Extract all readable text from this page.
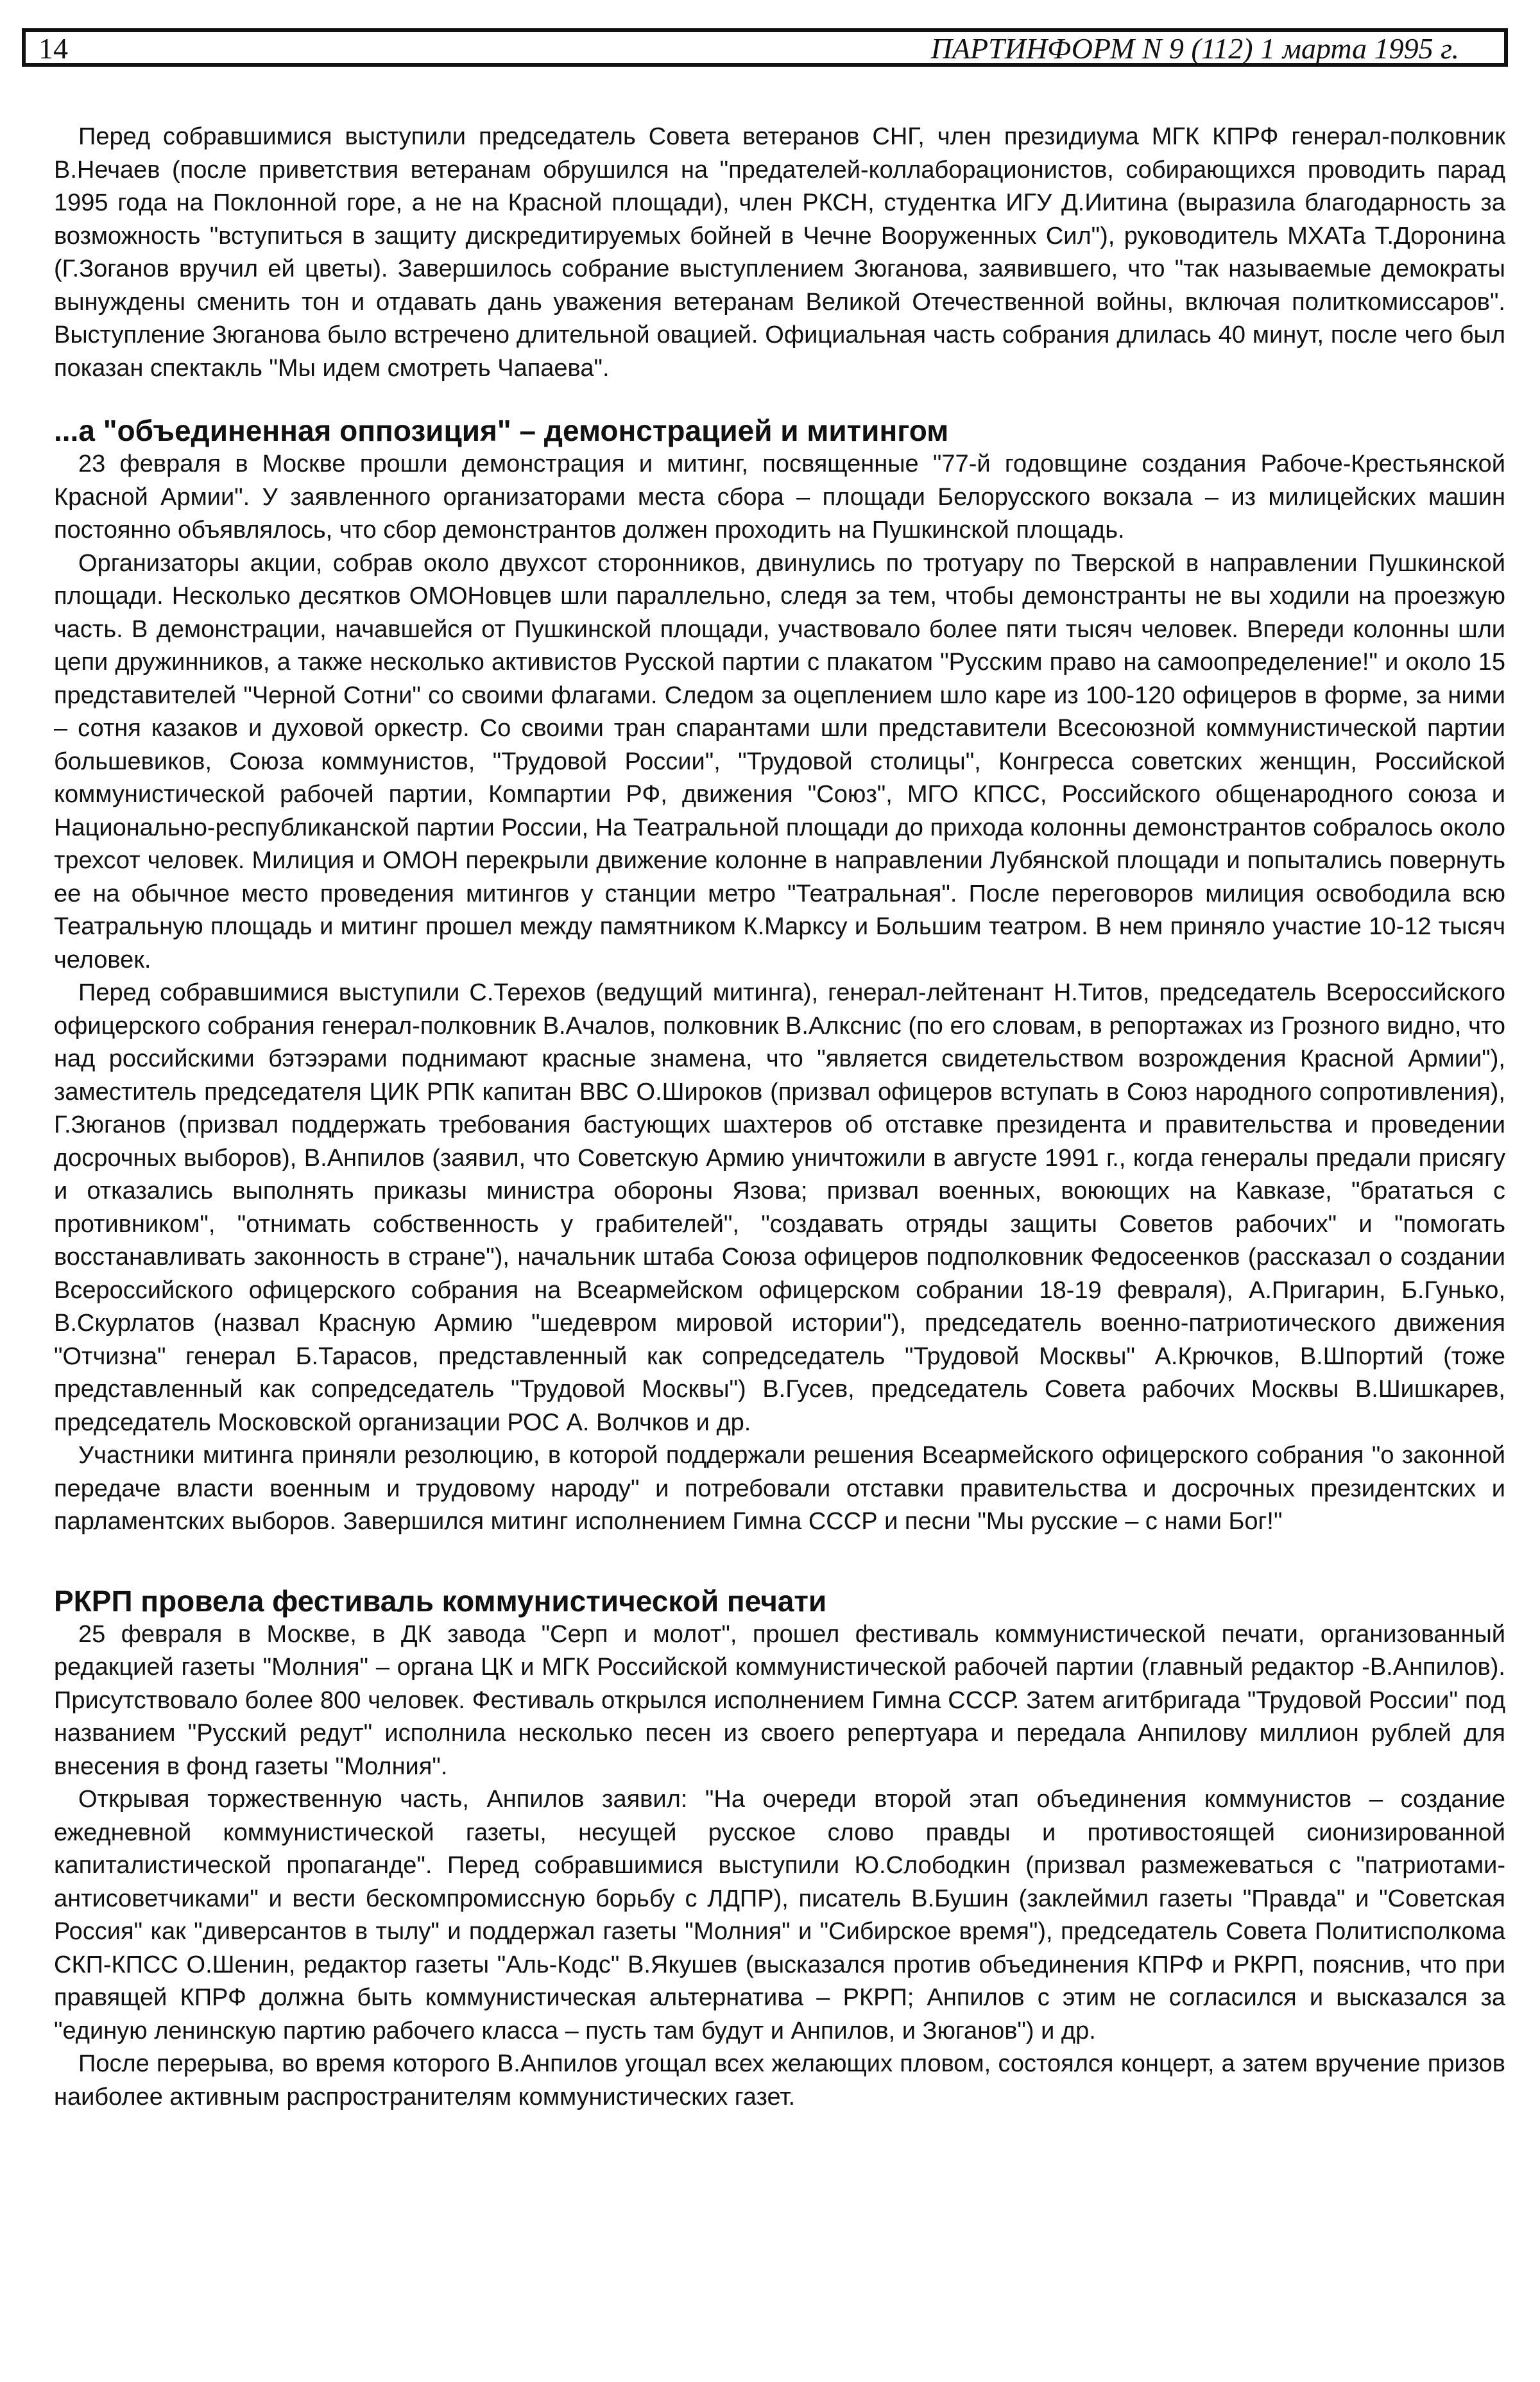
14	ПАРТИНФОРМ N 9 (112) 1 марта 1995 г.

Перед собравшимися выступили председатель Совета ветеранов СНГ, член президиума МГК КПРФ генерал-полковник В.Нечаев (после приветствия ветеранам обрушился на "предателей-коллаборационистов, собирающихся проводить парад 1995 года на Поклонной горе, а не на Красной площади), член РКСН, студентка ИГУ Д.Иитина (выразила благодарность за возможность "вступиться в защиту дискредитируемых бойней в Чечне Вооруженных Сил"), руководитель МХАТа Т.Доронина (Г.Зоганов вручил ей цветы). Завершилось собрание выступлением Зюганова, заявившего, что "так называемые демократы вынуждены сменить тон и отдавать дань уважения ветеранам Великой Отечественной войны, включая политкомиссаров". Выступление Зюганова было встречено длительной овацией. Официальная часть собрания длилась 40 минут, после чего был показан спектакль "Мы идем смотреть Чапаева".

...а "объединенная оппозиция" – демонстрацией и митингом

23 февраля в Москве прошли демонстрация и митинг, посвященные "77-й годовщине создания Рабоче-Крестьянской Красной Армии". У заявленного организаторами места сбора – площади Белорусского вокзала – из милицейских машин постоянно объявлялось, что сбор демонстрантов должен проходить на Пушкинской площадь.

Организаторы акции, собрав около двухсот сторонников, двинулись по тротуару по Тверской в направлении Пушкинской площади. Несколько десятков ОМОНовцев шли параллельно, следя за тем, чтобы демонстранты не вы ходили на проезжую часть. В демонстрации, начавшейся от Пушкинской площади, участвовало более пяти тысяч человек. Впереди колонны шли цепи дружинников, а также несколько активистов Русской партии с плакатом "Русским право на самоопределение!" и около 15 представителей "Черной Сотни" со своими флагами. Следом за оцеплением шло каре из 100-120 офицеров в форме, за ними – сотня казаков и духовой оркестр. Со своими тран спарантами шли представители Всесоюзной коммунистической партии большевиков, Союза коммунистов, "Трудовой России", "Трудовой столицы", Конгресса советских женщин, Российской коммунистической рабочей партии, Компартии РФ, движения "Союз", МГО КПСС, Российского общенародного союза и Национально-республиканской партии России, На Театральной площади до прихода колонны демонстрантов собралось около трехсот человек. Милиция и ОМОН перекрыли движение колонне в направлении Лубянской площади и попытались повернуть ее на обычное место проведения митингов у станции метро "Театральная". После переговоров милиция освободила всю Театральную площадь и митинг прошел между памятником К.Марксу и Большим театром. В нем приняло участие 10-12 тысяч человек.

Перед собравшимися выступили С.Терехов (ведущий митинга), генерал-лейтенант Н.Титов, председатель Всероссийского офицерского собрания генерал-полковник В.Ачалов, полковник В.Алкснис (по его словам, в репортажах из Грозного видно, что над российскими бэтээрами поднимают красные знамена, что "является свидетельством возрождения Красной Армии"), заместитель председателя ЦИК РПК капитан ВВС О.Широков (призвал офицеров вступать в Союз народного сопротивления), Г.Зюганов (призвал поддержать требования бастующих шахтеров об отставке президента и правительства и проведении досрочных выборов), В.Анпилов (заявил, что Советскую Армию уничтожили в августе 1991 г., когда генералы предали присягу и отказались выполнять приказы министра обороны Язова; призвал военных, воюющих на Кавказе, "брататься с противником", "отнимать собственность у грабителей", "создавать отряды защиты Советов рабочих" и "помогать восстанавливать законность в стране"), начальник штаба Союза офицеров подполковник Федосеенков (рассказал о создании Всероссийского офицерского собрания на Всеармейском офицерском собрании 18-19 февраля), А.Пригарин, Б.Гунько, В.Скурлатов (назвал Красную Армию "шедевром мировой истории"), председатель военно-патриотического движения "Отчизна" генерал Б.Тарасов, представленный как сопредседатель "Трудовой Москвы" А.Крючков, В.Шпортий (тоже представленный как сопредседатель "Трудовой Москвы") В.Гусев, председатель Совета рабочих Москвы В.Шишкарев, председатель Московской организации РОС А. Волчков и др.

Участники митинга приняли резолюцию, в которой поддержали решения Всеармейского офицерского собрания "о законной передаче власти военным и трудовому народу" и потребовали отставки правительства и досрочных президентских и парламентских выборов. Завершился митинг исполнением Гимна СССР и песни "Мы русские – с нами Бог!"

РКРП провела фестиваль коммунистической печати

25 февраля в Москве, в ДК завода "Серп и молот", прошел фестиваль коммунистической печати, организованный редакцией газеты "Молния" – органа ЦК и МГК Российской коммунистической рабочей партии (главный редактор -В.Анпилов). Присутствовало более 800 человек. Фестиваль открылся исполнением Гимна СССР. Затем агитбригада "Трудовой России" под названием "Русский редут" исполнила несколько песен из своего репертуара и передала Анпилову миллион рублей для внесения в фонд газеты "Молния".

Открывая торжественную часть, Анпилов заявил: "На очереди второй этап объединения коммунистов – создание ежедневной коммунистической газеты, несущей русское слово правды и противостоящей сионизированной капиталистической пропаганде". Перед собравшимися выступили Ю.Слободкин (призвал размежеваться с "патриотами-антисоветчиками" и вести бескомпромиссную борьбу с ЛДПР), писатель В.Бушин (заклеймил газеты "Правда" и "Советская Россия" как "диверсантов в тылу" и поддержал газеты "Молния" и "Сибирское время"), председатель Совета Политисполкома СКП-КПСС О.Шенин, редактор газеты "Аль-Кодс" В.Якушев (высказался против объединения КПРФ и РКРП, пояснив, что при правящей КПРФ должна быть коммунистическая альтернатива – РКРП; Анпилов с этим не согласился и высказался за "единую ленинскую партию рабочего класса – пусть там будут и Анпилов, и Зюганов") и др.

После перерыва, во время которого В.Анпилов угощал всех желающих пловом, состоялся концерт, а затем вручение призов наиболее активным распространителям коммунистических газет.
